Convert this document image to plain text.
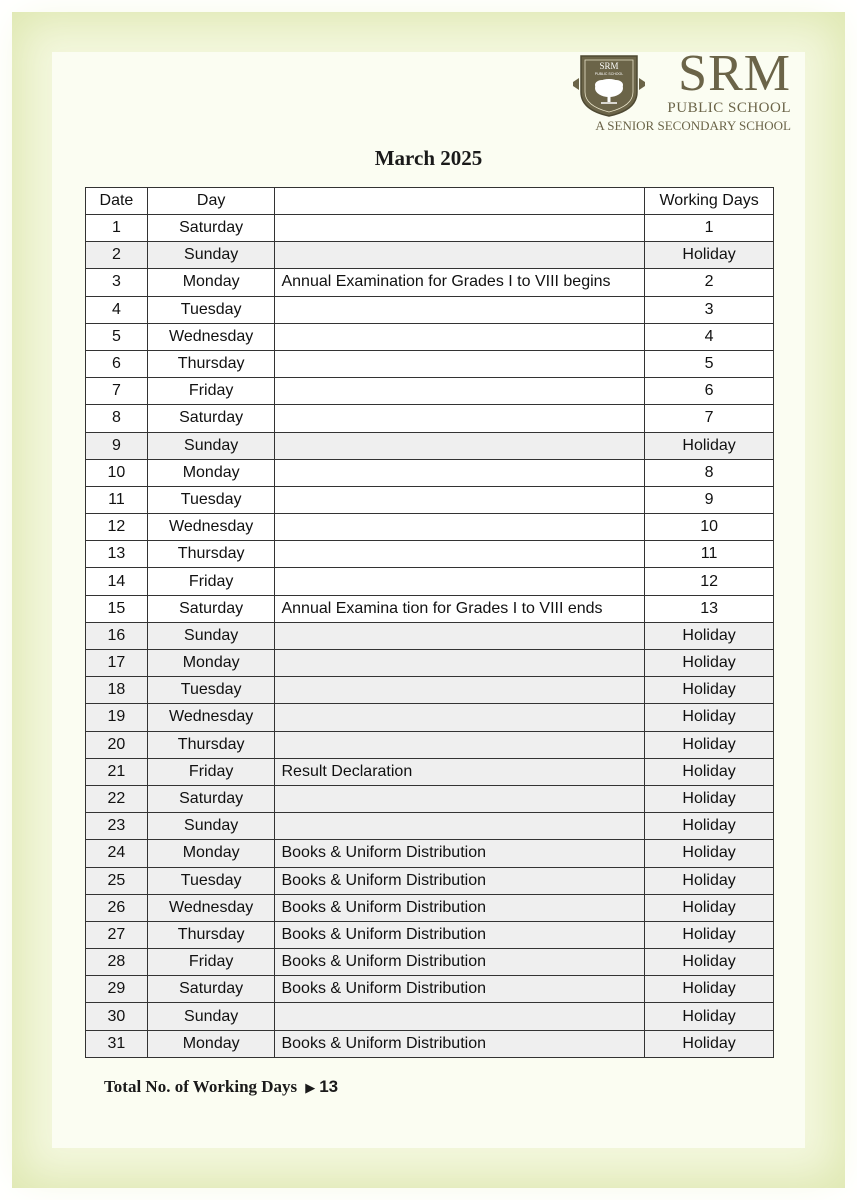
SRM
PUBLIC SCHOOL SRM
PUBLIC SCHOOL
A SENIOR SECONDARY SCHOOL
March 2025
Date	Day		Working Days
1	Saturday		1
2	Sunday		Holiday
3	Monday	Annual Examination for Grades I to VIII begins	2
4	Tuesday		3
5	Wednesday		4
6	Thursday		5
7	Friday		6
8	Saturday		7
9	Sunday		Holiday
10	Monday		8
11	Tuesday		9
12	Wednesday		10
13	Thursday		11
14	Friday		12
15	Saturday	Annual Examina tion for Grades I to VIII ends	13
16	Sunday		Holiday
17	Monday		Holiday
18	Tuesday		Holiday
19	Wednesday		Holiday
20	Thursday		Holiday
21	Friday	Result Declaration	Holiday
22	Saturday		Holiday
23	Sunday		Holiday
24	Monday	Books & Uniform Distribution	Holiday
25	Tuesday	Books & Uniform Distribution	Holiday
26	Wednesday	Books & Uniform Distribution	Holiday
27	Thursday	Books & Uniform Distribution	Holiday
28	Friday	Books & Uniform Distribution	Holiday
29	Saturday	Books & Uniform Distribution	Holiday
30	Sunday		Holiday
31	Monday	Books & Uniform Distribution	Holiday
Total No. of Working Days ▶ 13
